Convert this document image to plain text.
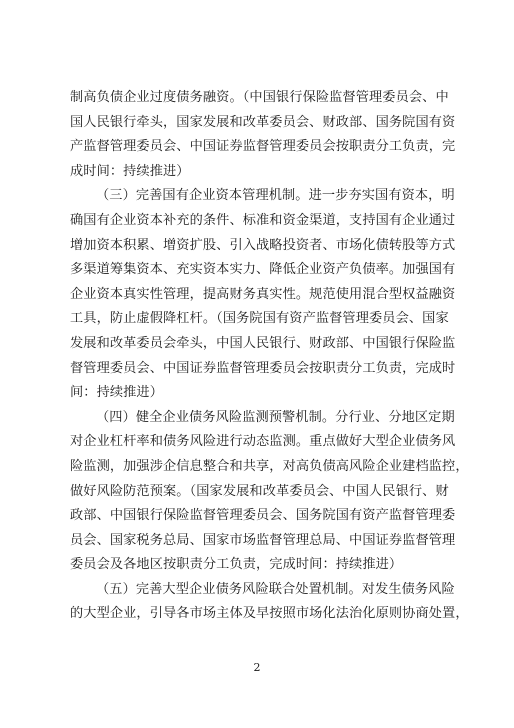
制高负债企业过度债务融资。（中国银行保险监督管理委员会、中
国人民银行牵头，国家发展和改革委员会、财政部、国务院国有资
产监督管理委员会、中国证券监督管理委员会按职责分工负责，完
成时间：持续推进）
（三）完善国有企业资本管理机制。进一步夯实国有资本，明
确国有企业资本补充的条件、标准和资金渠道，支持国有企业通过
增加资本积累、增资扩股、引入战略投资者、市场化债转股等方式
多渠道筹集资本、充实资本实力、降低企业资产负债率。加强国有
企业资本真实性管理，提高财务真实性。规范使用混合型权益融资
工具，防止虚假降杠杆。（国务院国有资产监督管理委员会、国家
发展和改革委员会牵头，中国人民银行、财政部、中国银行保险监
督管理委员会、中国证券监督管理委员会按职责分工负责，完成时
间：持续推进）
（四）健全企业债务风险监测预警机制。分行业、分地区定期
对企业杠杆率和债务风险进行动态监测。重点做好大型企业债务风
险监测，加强涉企信息整合和共享，对高负债高风险企业建档监控，
做好风险防范预案。（国家发展和改革委员会、中国人民银行、财
政部、中国银行保险监督管理委员会、国务院国有资产监督管理委
员会、国家税务总局、国家市场监督管理总局、中国证券监督管理
委员会及各地区按职责分工负责，完成时间：持续推进）
（五）完善大型企业债务风险联合处置机制。对发生债务风险
的大型企业，引导各市场主体及早按照市场化法治化原则协商处置，
2
